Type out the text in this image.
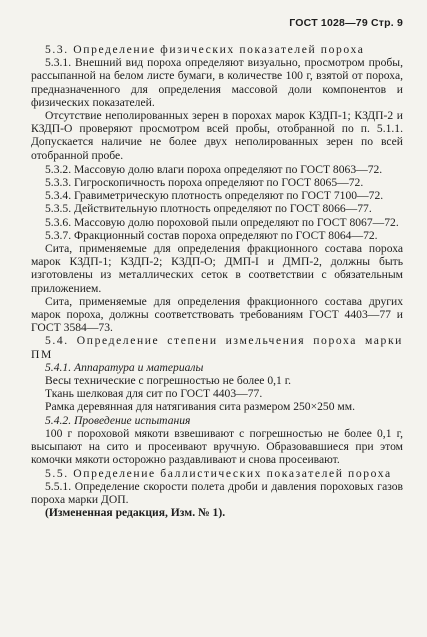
ГОСТ 1028—79 Стр. 9

5.3. Определение физических показателей пороха

5.3.1. Внешний вид пороха определяют визуально, просмотром пробы, рассыпанной на белом листе бумаги, в количестве 100 г, взятой от пороха, предназначенного для определения массовой доли компонентов и физических показателей.

Отсутствие неполированных зерен в порохах марок КЗДП-1; КЗДП-2 и КЗДП-О проверяют просмотром всей пробы, отобранной по п. 5.1.1. Допускается наличие не более двух неполированных зерен по всей отобранной пробе.

5.3.2. Массовую долю влаги пороха определяют по ГОСТ 8063—72.

5.3.3. Гигроскопичность пороха определяют по ГОСТ 8065—72.

5.3.4. Гравиметрическую плотность определяют по ГОСТ 7100—72.

5.3.5. Действительную плотность определяют по ГОСТ 8066—77.

5.3.6. Массовую долю пороховой пыли определяют по ГОСТ 8067—72.

5.3.7. Фракционный состав пороха определяют по ГОСТ 8064—72.

Сита, применяемые для определения фракционного состава пороха марок КЗДП-1; КЗДП-2; КЗДП-О; ДМП-I и ДМП-2, должны быть изготовлены из металлических сеток в соответствии с обязательным приложением.

Сита, применяемые для определения фракционного состава других марок пороха, должны соответствовать требованиям ГОСТ 4403—77 и ГОСТ 3584—73.

5.4. Определение степени измельчения пороха марки ПМ

5.4.1. Аппаратура и материалы

Весы технические с погрешностью не более 0,1 г.

Ткань шелковая для сит по ГОСТ 4403—77.

Рамка деревянная для натягивания сита размером 250×250 мм.

5.4.2. Проведение испытания

100 г пороховой мякоти взвешивают с погрешностью не более 0,1 г, высыпают на сито и просеивают вручную. Образовавшиеся при этом комочки мякоти осторожно раздавливают и снова просеивают.

5.5. Определение баллистических показателей пороха

5.5.1. Определение скорости полета дроби и давления пороховых газов пороха марки ДОП.

(Измененная редакция, Изм. № 1).
